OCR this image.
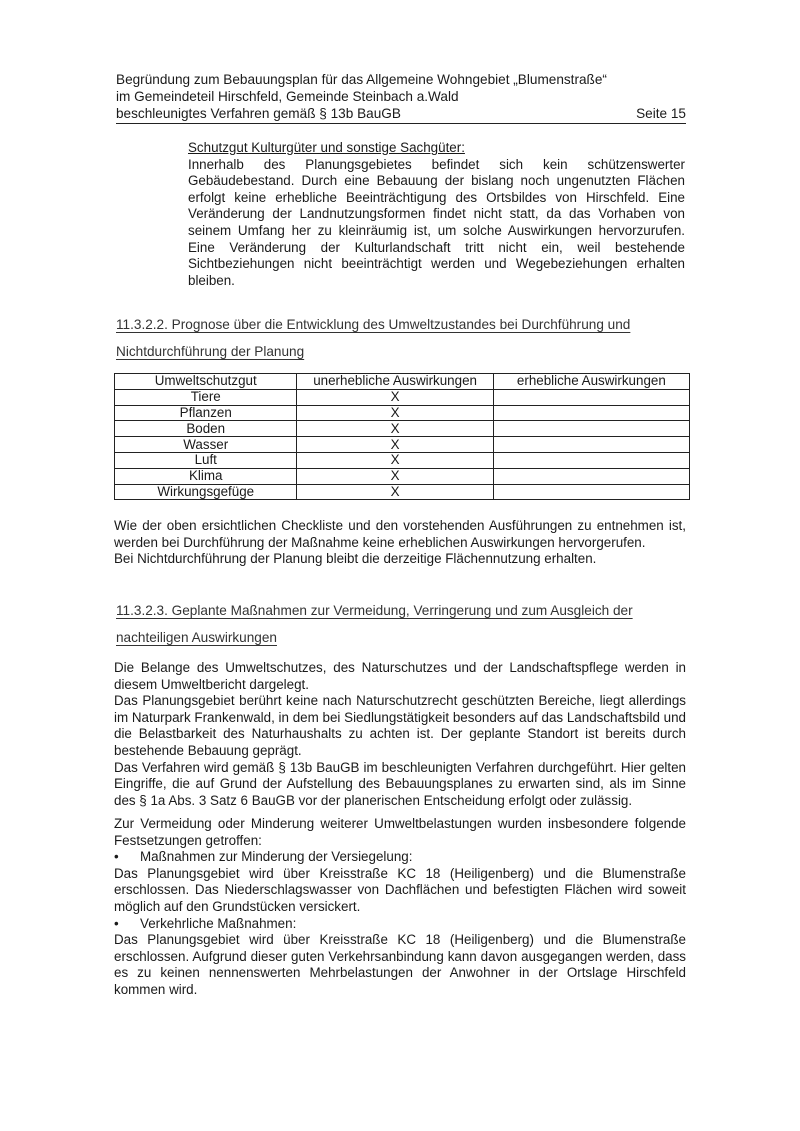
Begründung zum Bebauungsplan für das Allgemeine Wohngebiet „Blumenstraße“
im Gemeindeteil Hirschfeld, Gemeinde Steinbach a.Wald
beschleunigtes Verfahren gemäß § 13b BauGB	Seite 15

Schutzgut Kulturgüter und sonstige Sachgüter:

Innerhalb des Planungsgebietes befindet sich kein schützenswerter Gebäudebestand. Durch eine Bebauung der bislang noch ungenutzten Flächen erfolgt keine erhebliche Beeinträchtigung des Ortsbildes von Hirschfeld. Eine Veränderung der Landnutzungsformen findet nicht statt, da das Vorhaben von seinem Umfang her zu kleinräumig ist, um solche Auswirkungen hervorzurufen. Eine Veränderung der Kulturlandschaft tritt nicht ein, weil bestehende Sichtbeziehungen nicht beeinträchtigt werden und Wegebeziehungen erhalten bleiben.

11.3.2.2. Prognose über die Entwicklung des Umweltzustandes bei Durchführung und
Nichtdurchführung der Planung
Umweltschutzgut	unerhebliche Auswirkungen	erhebliche Auswirkungen
Tiere	X	
Pflanzen	X	
Boden	X	
Wasser	X	
Luft	X	
Klima	X	
Wirkungsgefüge	X	

Wie der oben ersichtlichen Checkliste und den vorstehenden Ausführungen zu entnehmen ist, werden bei Durchführung der Maßnahme keine erheblichen Auswirkungen hervorgerufen.

Bei Nichtdurchführung der Planung bleibt die derzeitige Flächennutzung erhalten.

11.3.2.3. Geplante Maßnahmen zur Vermeidung, Verringerung und zum Ausgleich der
nachteiligen Auswirkungen

Die Belange des Umweltschutzes, des Naturschutzes und der Landschaftspflege werden in diesem Umweltbericht dargelegt.

Das Planungsgebiet berührt keine nach Naturschutzrecht geschützten Bereiche, liegt allerdings im Naturpark Frankenwald, in dem bei Siedlungstätigkeit besonders auf das Landschaftsbild und die Belastbarkeit des Naturhaushalts zu achten ist. Der geplante Standort ist bereits durch bestehende Bebauung geprägt.

Das Verfahren wird gemäß § 13b BauGB im beschleunigten Verfahren durchgeführt. Hier gelten Eingriffe, die auf Grund der Aufstellung des Bebauungsplanes zu erwarten sind, als im Sinne des § 1a Abs. 3 Satz 6 BauGB vor der planerischen Entscheidung erfolgt oder zulässig.

Zur Vermeidung oder Minderung weiterer Umweltbelastungen wurden insbesondere folgende Festsetzungen getroffen:

•	Maßnahmen zur Minderung der Versiegelung:

Das Planungsgebiet wird über Kreisstraße KC 18 (Heiligenberg) und die Blumenstraße erschlossen. Das Niederschlagswasser von Dachflächen und befestigten Flächen wird soweit möglich auf den Grundstücken versickert.

•	Verkehrliche Maßnahmen:

Das Planungsgebiet wird über Kreisstraße KC 18 (Heiligenberg) und die Blumenstraße erschlossen. Aufgrund dieser guten Verkehrsanbindung kann davon ausgegangen werden, dass es zu keinen nennenswerten Mehrbelastungen der Anwohner in der Ortslage Hirschfeld kommen wird.
